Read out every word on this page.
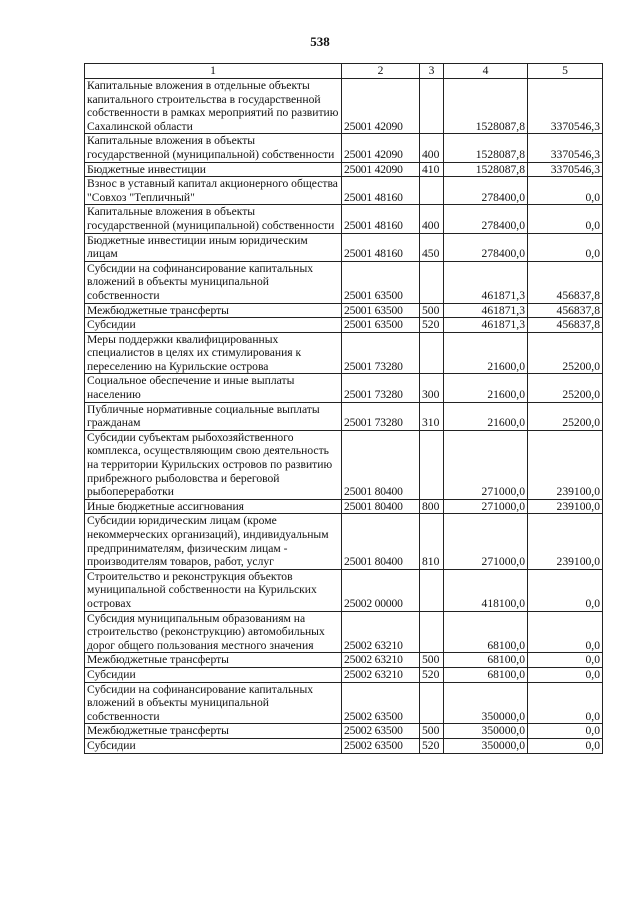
538
1	2	3	4	5
Капитальные вложения в отдельные объекты капитального строительства в государственной собственности в рамках мероприятий по развитию Сахалинской области	25001 42090		1528087,8	3370546,3
Капитальные вложения в объекты государственной (муниципальной) собственности	25001 42090	400	1528087,8	3370546,3
Бюджетные инвестиции	25001 42090	410	1528087,8	3370546,3
Взнос в уставный капитал акционерного общества "Совхоз "Тепличный"	25001 48160		278400,0	0,0
Капитальные вложения в объекты государственной (муниципальной) собственности	25001 48160	400	278400,0	0,0
Бюджетные инвестиции иным юридическим лицам	25001 48160	450	278400,0	0,0
Субсидии на софинансирование капитальных вложений в объекты муниципальной собственности	25001 63500		461871,3	456837,8
Межбюджетные трансферты	25001 63500	500	461871,3	456837,8
Субсидии	25001 63500	520	461871,3	456837,8
Меры поддержки квалифицированных специалистов в целях их стимулирования к переселению на Курильские острова	25001 73280		21600,0	25200,0
Социальное обеспечение и иные выплаты населению	25001 73280	300	21600,0	25200,0
Публичные нормативные социальные выплаты гражданам	25001 73280	310	21600,0	25200,0
Субсидии субъектам рыбохозяйственного комплекса, осуществляющим свою деятельность на территории Курильских островов по развитию прибрежного рыболовства и береговой рыбопереработки	25001 80400		271000,0	239100,0
Иные бюджетные ассигнования	25001 80400	800	271000,0	239100,0
Субсидии юридическим лицам (кроме некоммерческих организаций), индивидуальным предпринимателям, физическим лицам - производителям товаров, работ, услуг	25001 80400	810	271000,0	239100,0
Строительство и реконструкция объектов муниципальной собственности на Курильских островах	25002 00000		418100,0	0,0
Субсидия муниципальным образованиям на строительство (реконструкцию) автомобильных дорог общего пользования местного значения	25002 63210		68100,0	0,0
Межбюджетные трансферты	25002 63210	500	68100,0	0,0
Субсидии	25002 63210	520	68100,0	0,0
Субсидии на софинансирование капитальных вложений в объекты муниципальной собственности	25002 63500		350000,0	0,0
Межбюджетные трансферты	25002 63500	500	350000,0	0,0
Субсидии	25002 63500	520	350000,0	0,0
